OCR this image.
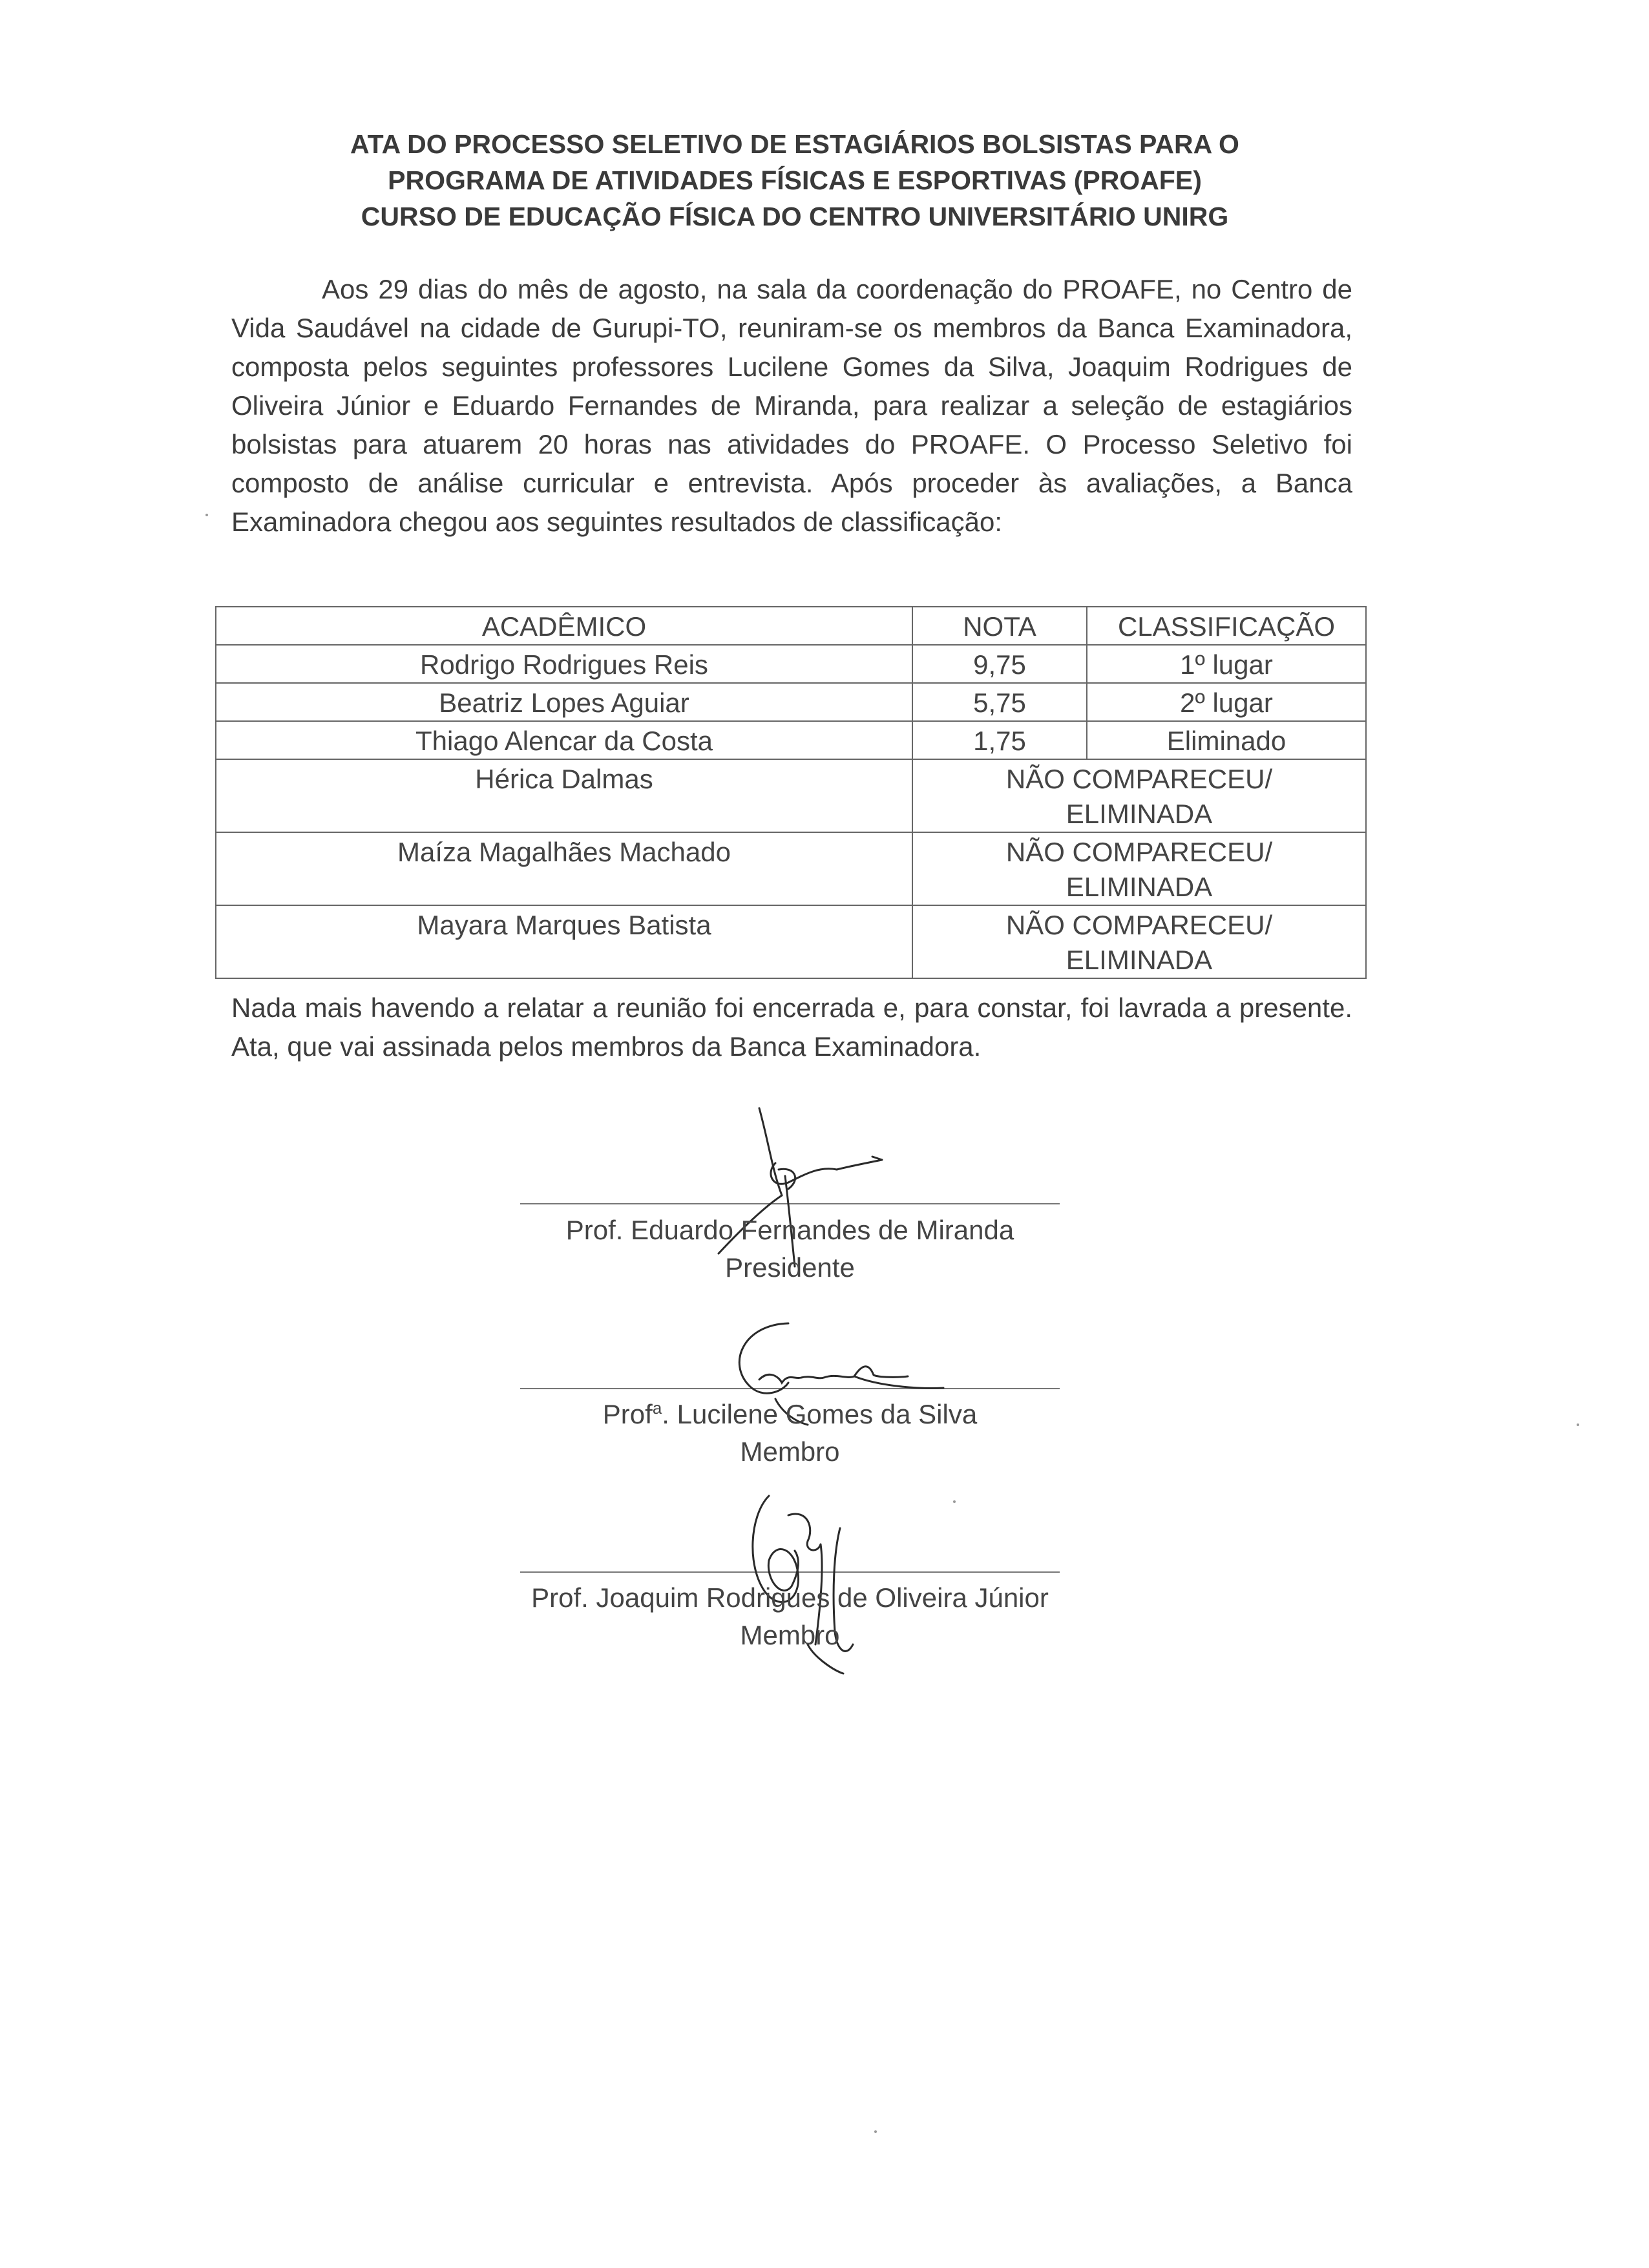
ATA DO PROCESSO SELETIVO DE ESTAGIÁRIOS BOLSISTAS PARA O
PROGRAMA DE ATIVIDADES FÍSICAS E ESPORTIVAS (PROAFE)
CURSO DE EDUCAÇÃO FÍSICA DO CENTRO UNIVERSITÁRIO UNIRG

Aos 29 dias do mês de agosto, na sala da coordenação do PROAFE, no Centro de Vida Saudável na cidade de Gurupi-TO, reuniram-se os membros da Banca Examinadora, composta pelos seguintes professores Lucilene Gomes da Silva, Joaquim Rodrigues de Oliveira Júnior e Eduardo Fernandes de Miranda, para realizar a seleção de estagiários bolsistas para atuarem 20 horas nas atividades do PROAFE. O Processo Seletivo foi composto de análise curricular e entrevista. Após proceder às avaliações, a Banca Examinadora chegou aos seguintes resultados de classificação:

ACADÊMICO	NOTA	CLASSIFICAÇÃO
Rodrigo Rodrigues Reis	9,75	1º lugar
Beatriz Lopes Aguiar	5,75	2º lugar
Thiago Alencar da Costa	1,75	Eliminado
Hérica Dalmas	NÃO COMPARECEU/
ELIMINADA	

Maíza Magalhães Machado	NÃO COMPARECEU/
ELIMINADA	

Mayara Marques Batista	NÃO COMPARECEU/
ELIMINADA	

Nada mais havendo a relatar a reunião foi encerrada e, para constar, foi lavrada a presente. Ata, que vai assinada pelos membros da Banca Examinadora.

Prof. Eduardo Fernandes de Miranda
Presidente
Prof$^a$. Lucilene Gomes da Silva
Membro
Prof. Joaquim Rodrigues de Oliveira Júnior
Membro
